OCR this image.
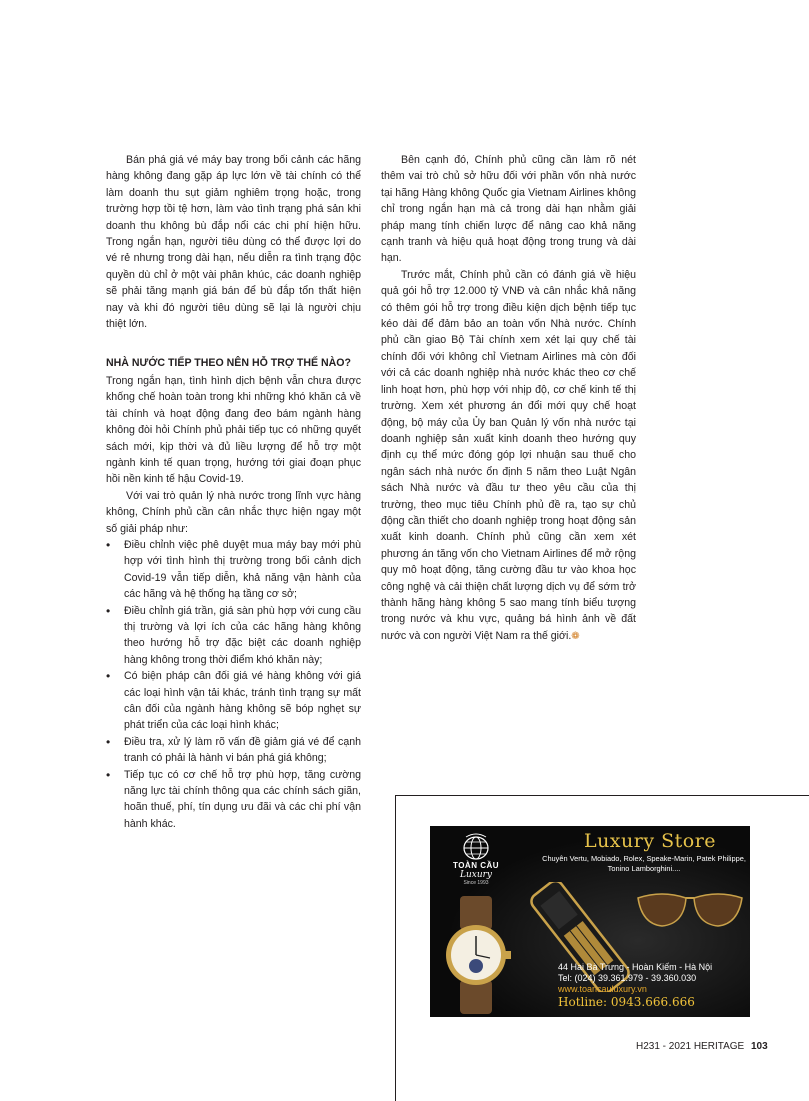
Bán phá giá vé máy bay trong bối cảnh các hãng hàng không đang gặp áp lực lớn về tài chính có thể làm doanh thu sụt giảm nghiêm trọng hoặc, trong trường hợp tồi tệ hơn, làm vào tình trạng phá sản khi doanh thu không bù đắp nổi các chi phí hiện hữu. Trong ngắn hạn, người tiêu dùng có thể được lợi do vé rẻ nhưng trong dài hạn, nếu diễn ra tình trạng độc quyền dù chỉ ở một vài phân khúc, các doanh nghiệp sẽ phải tăng mạnh giá bán để bù đắp tổn thất hiện nay và khi đó người tiêu dùng sẽ lại là người chịu thiệt lớn.

NHÀ NƯỚC TIẾP THEO NÊN HỖ TRỢ THẾ NÀO?

Trong ngắn hạn, tình hình dịch bệnh vẫn chưa được khống chế hoàn toàn trong khi những khó khăn cả về tài chính và hoạt động đang đeo bám ngành hàng không đòi hỏi Chính phủ phải tiếp tục có những quyết sách mới, kịp thời và đủ liều lượng để hỗ trợ một ngành kinh tế quan trọng, hướng tới giai đoạn phục hồi nền kinh tế hậu Covid-19.

Với vai trò quản lý nhà nước trong lĩnh vực hàng không, Chính phủ cần cân nhắc thực hiện ngay một số giải pháp như:

• Điều chỉnh việc phê duyệt mua máy bay mới phù hợp với tình hình thị trường trong bối cảnh dịch Covid-19 vẫn tiếp diễn, khả năng vận hành của các hãng và hệ thống hạ tầng cơ sở;
• Điều chỉnh giá trần, giá sàn phù hợp với cung cầu thị trường và lợi ích của các hãng hàng không theo hướng hỗ trợ đặc biệt các doanh nghiệp hàng không trong thời điểm khó khăn này;
• Có biện pháp cân đối giá vé hàng không với giá các loại hình vận tải khác, tránh tình trạng sự mất cân đối của ngành hàng không sẽ bóp nghẹt sự phát triển của các loại hình khác;
• Điều tra, xử lý làm rõ vấn đề giảm giá vé để cạnh tranh có phải là hành vi bán phá giá không;
• Tiếp tục có cơ chế hỗ trợ phù hợp, tăng cường năng lực tài chính thông qua các chính sách giãn, hoãn thuế, phí, tín dụng ưu đãi và các chi phí vận hành khác.

Bên cạnh đó, Chính phủ cũng cần làm rõ nét thêm vai trò chủ sở hữu đối với phần vốn nhà nước tại hãng Hàng không Quốc gia Vietnam Airlines không chỉ trong ngắn hạn mà cả trong dài hạn nhằm giải pháp mang tính chiến lược để nâng cao khả năng cạnh tranh và hiệu quả hoạt động trong trung và dài hạn.

Trước mắt, Chính phủ cần có đánh giá về hiệu quả gói hỗ trợ 12.000 tỷ VNĐ và cân nhắc khả năng có thêm gói hỗ trợ trong điều kiện dịch bệnh tiếp tục kéo dài để đảm bảo an toàn vốn Nhà nước. Chính phủ cần giao Bộ Tài chính xem xét lại quy chế tài chính đối với không chỉ Vietnam Airlines mà còn đối với cả các doanh nghiệp nhà nước khác theo cơ chế linh hoạt hơn, phù hợp với nhịp độ, cơ chế kinh tế thị trường. Xem xét phương án đổi mới quy chế hoạt động, bộ máy của Ủy ban Quản lý vốn nhà nước tại doanh nghiệp sản xuất kinh doanh theo hướng quy định cụ thể mức đóng góp lợi nhuận sau thuế cho ngân sách nhà nước ổn định 5 năm theo Luật Ngân sách Nhà nước và đầu tư theo yêu cầu của thị trường, theo mục tiêu Chính phủ đề ra, tạo sự chủ động cần thiết cho doanh nghiệp trong hoạt động sản xuất kinh doanh. Chính phủ cũng cần xem xét phương án tăng vốn cho Vietnam Airlines để mở rộng quy mô hoạt động, tăng cường đầu tư vào khoa học công nghệ và cải thiện chất lượng dịch vụ để sớm trở thành hãng hàng không 5 sao mang tính biểu tượng trong nước và khu vực, quảng bá hình ảnh về đất nước và con người Việt Nam ra thế giới.❁

TOÀN CẦU
Luxury
Since 1993
Luxury Store
Chuyên Vertu, Mobiado, Rolex, Speake-Marin, Patek Philippe, Tonino Lamborghini....
44 Hai Bà Trưng - Hoàn Kiếm - Hà Nội
Tel: (024) 39.361.979 - 39.360.030
www.toancauluxury.vn
Hotline: 0943.666.666
H231 - 2021 HERITAGE 103
